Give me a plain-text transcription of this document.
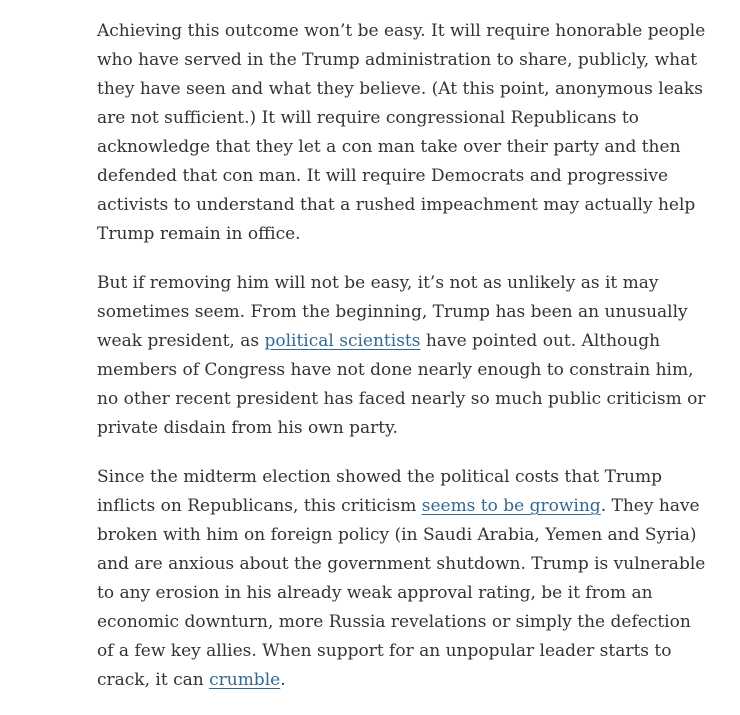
Achieving this outcome won’t be easy. It will require honorable people who have served in the Trump administration to share, publicly, what they have seen and what they believe. (At this point, anonymous leaks are not sufficient.) It will require congressional Republicans to acknowledge that they let a con man take over their party and then defended that con man. It will require Democrats and progressive activists to understand that a rushed impeachment may actually help Trump remain in office.

But if removing him will not be easy, it’s not as unlikely as it may sometimes seem. From the beginning, Trump has been an unusually weak president, as political scientists have pointed out. Although members of Congress have not done nearly enough to constrain him, no other recent president has faced nearly so much public criticism or private disdain from his own party.

Since the midterm election showed the political costs that Trump inflicts on Republicans, this criticism seems to be growing. They have broken with him on foreign policy (in Saudi Arabia, Yemen and Syria) and are anxious about the government shutdown. Trump is vulnerable to any erosion in his already weak approval rating, be it from an economic downturn, more Russia revelations or simply the defection of a few key allies. When support for an unpopular leader starts to crack, it can crumble.
